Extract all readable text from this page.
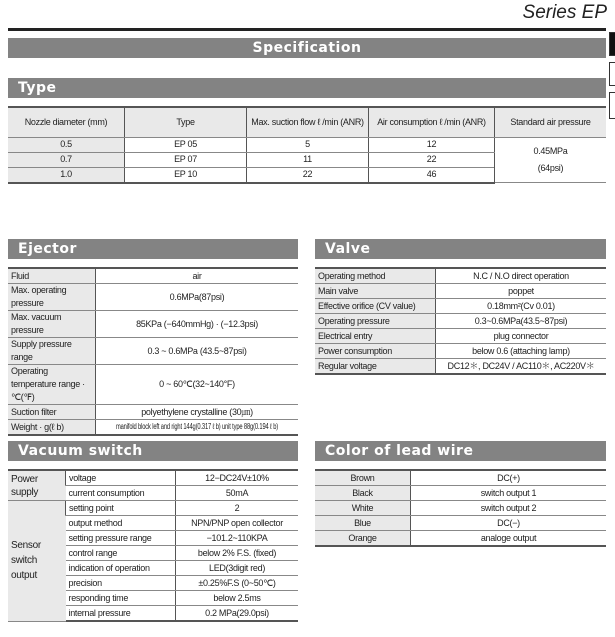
Series EP
Specification
Type
Nozzle diameter (mm)	Type	Max. suction flow ℓ /min (ANR)	Air consumption ℓ /min (ANR)	Standard air pressure
0.5	EP 05	5	12	0.45MPa
(64psi)

0.7	EP 07	11	22	
1.0	EP 10	22	46	
Ejector
Fluid	air
Max. operating pressure	0.6MPa(87psi)
Max. vacuum pressure	85KPa (−640mmHg) · (−12.3psi)
Supply pressure range	0.3 ~ 0.6MPa (43.5~87psi)
Operating temperature range · ℃(℉)	0 ~ 60℃(32~140°F)
Suction filter	polyethylene crystalline (30㎛)
Weight · g(ℓ b)	manifold block left and right 144g(0.317 ℓ b) unit type 88g(0.194 ℓ b)
Valve
Operating method	N.C / N.O direct operation
Main valve	poppet
Effective orifice (CV value)	0.18mm²(Cv 0.01)
Operating pressure	0.3~0.6MPa(43.5~87psi)
Electrical entry	plug connector
Power consumption	below 0.6 (attaching lamp)
Regular voltage	DC12＊, DC24V / AC110＊, AC220V＊
Vacuum switch
Power supply	voltage	12−DC24V±10%
	current consumption	50mA
Sensor switch output	setting point	2
	output method	NPN/PNP open collector
	setting pressure range	−101.2~110KPA
	control range	below 2% F.S. (fixed)
	indication of operation	LED(3digit red)
	precision	±0.25%F.S (0~50℃)
	responding time	below 2.5ms
	internal pressure	0.2 MPa(29.0psi)
Color of lead wire
Brown	DC(+)
Black	switch output 1
White	switch output 2
Blue	DC(−)
Orange	analoge output
